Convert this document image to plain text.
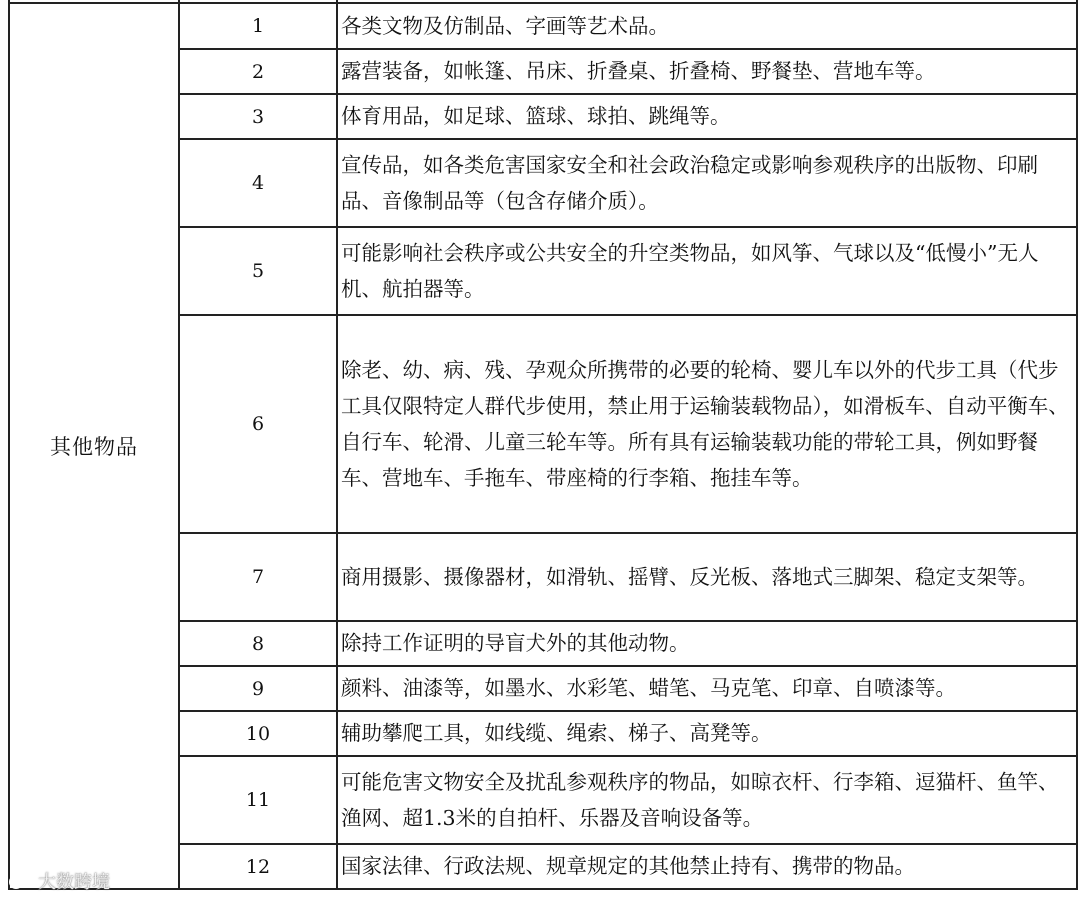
其他物品	1	各类文物及仿制品、字画等艺术品。
	2	露营装备，如帐篷、吊床、折叠桌、折叠椅、野餐垫、营地车等。
	3	体育用品，如足球、篮球、球拍、跳绳等。
	4	宣传品，如各类危害国家安全和社会政治稳定或影响参观秩序的出版物、印刷品、音像制品等（包含存储介质）。
	5	可能影响社会秩序或公共安全的升空类物品，如风筝、气球以及“低慢小”无人机、航拍器等。
	6	除老、幼、病、残、孕观众所携带的必要的轮椅、婴儿车以外的代步工具（代步工具仅限特定人群代步使用，禁止用于运输装载物品），如滑板车、自动平衡车、自行车、轮滑、儿童三轮车等。所有具有运输装载功能的带轮工具，例如野餐车、营地车、手拖车、带座椅的行李箱、拖挂车等。
	7	商用摄影、摄像器材，如滑轨、摇臂、反光板、落地式三脚架、稳定支架等。
	8	除持工作证明的导盲犬外的其他动物。
	9	颜料、油漆等，如墨水、水彩笔、蜡笔、马克笔、印章、自喷漆等。
	10	辅助攀爬工具，如线缆、绳索、梯子、高凳等。
	11	可能危害文物安全及扰乱参观秩序的物品，如晾衣杆、行李箱、逗猫杆、鱼竿、渔网、超1.3米的自拍杆、乐器及音响设备等。
	12	国家法律、行政法规、规章规定的其他禁止持有、携带的物品。
大数跨境
